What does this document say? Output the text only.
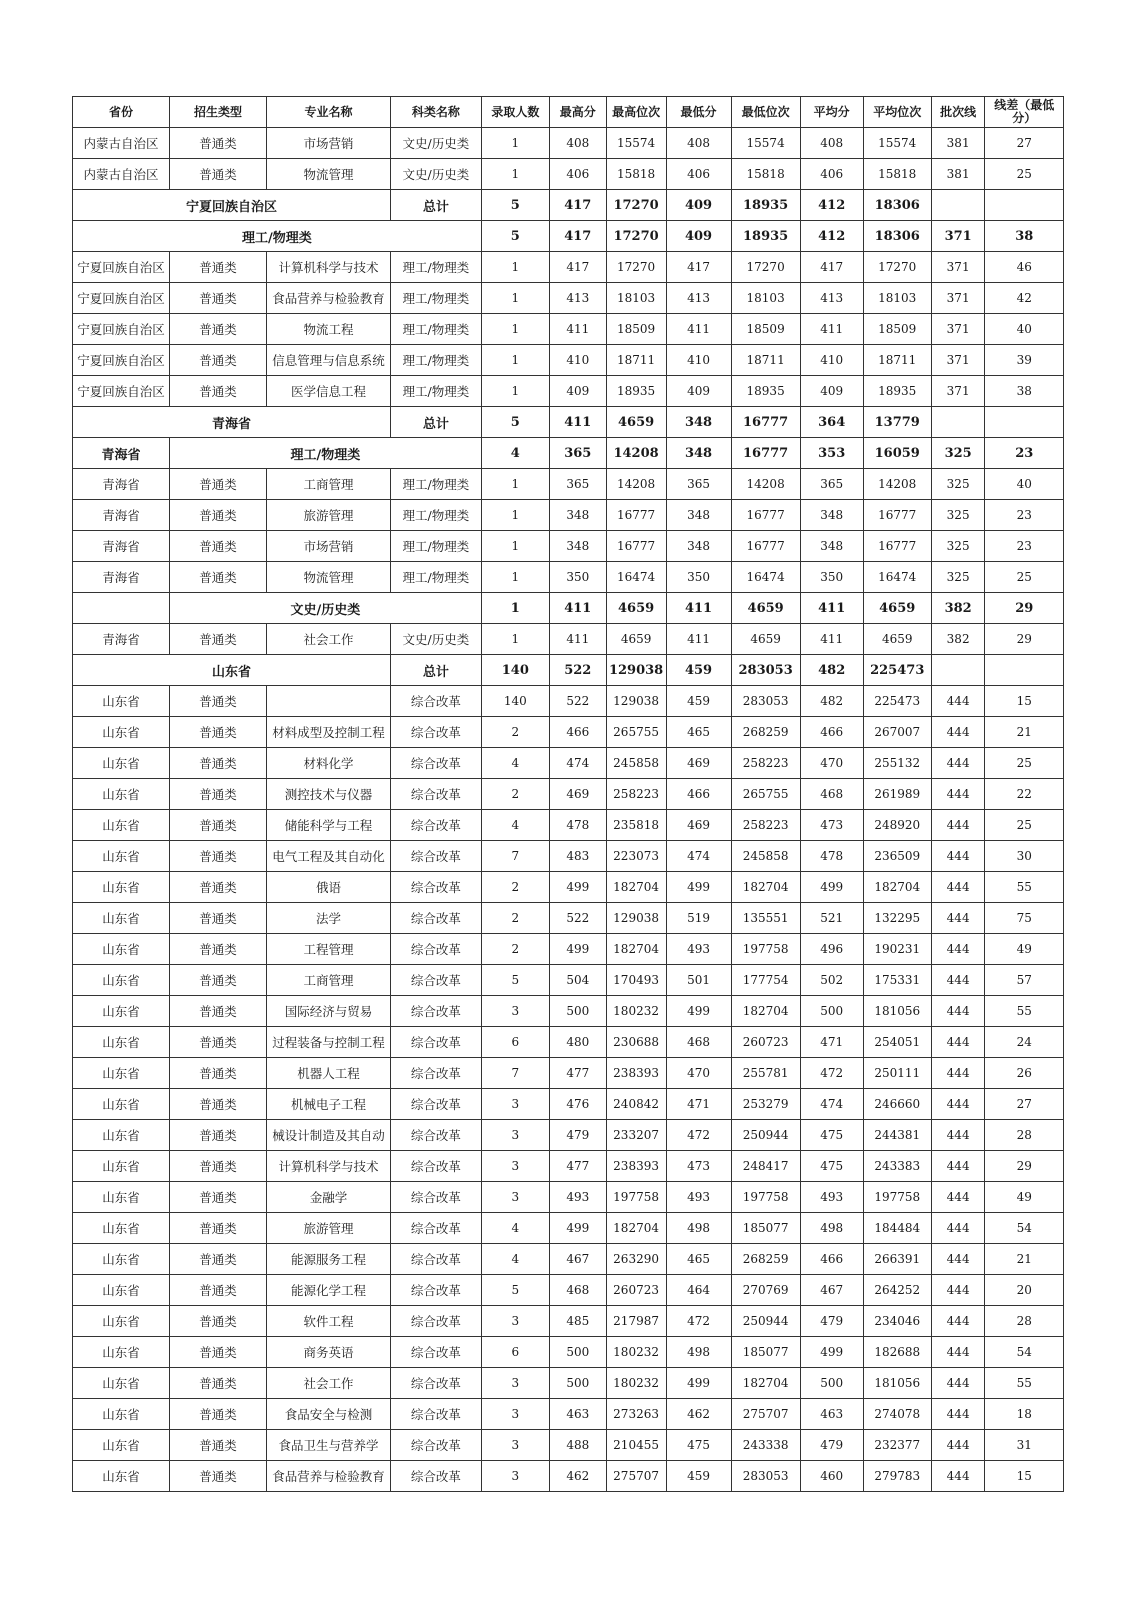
省份	招生类型	专业名称	科类名称	录取人数	最高分	最高位次	最低分	最低位次	平均分	平均位次	批次线	线差（最低分）
内蒙古自治区	普通类	市场营销	文史/历史类	1	408	15574	408	15574	408	15574	381	27
内蒙古自治区	普通类	物流管理	文史/历史类	1	406	15818	406	15818	406	15818	381	25
宁夏回族自治区			总计	5	417	17270	409	18935	412	18306		
理工/物理类				5	417	17270	409	18935	412	18306	371	38
宁夏回族自治区	普通类	计算机科学与技术	理工/物理类	1	417	17270	417	17270	417	17270	371	46
宁夏回族自治区	普通类	食品营养与检验教育	理工/物理类	1	413	18103	413	18103	413	18103	371	42
宁夏回族自治区	普通类	物流工程	理工/物理类	1	411	18509	411	18509	411	18509	371	40
宁夏回族自治区	普通类	信息管理与信息系统	理工/物理类	1	410	18711	410	18711	410	18711	371	39
宁夏回族自治区	普通类	医学信息工程	理工/物理类	1	409	18935	409	18935	409	18935	371	38
青海省			总计	5	411	4659	348	16777	364	13779		
青海省	理工/物理类			4	365	14208	348	16777	353	16059	325	23
青海省	普通类	工商管理	理工/物理类	1	365	14208	365	14208	365	14208	325	40
青海省	普通类	旅游管理	理工/物理类	1	348	16777	348	16777	348	16777	325	23
青海省	普通类	市场营销	理工/物理类	1	348	16777	348	16777	348	16777	325	23
青海省	普通类	物流管理	理工/物理类	1	350	16474	350	16474	350	16474	325	25
	文史/历史类			1	411	4659	411	4659	411	4659	382	29
青海省	普通类	社会工作	文史/历史类	1	411	4659	411	4659	411	4659	382	29
山东省			总计	140	522	129038	459	283053	482	225473		
山东省	普通类		综合改革	140	522	129038	459	283053	482	225473	444	15
山东省	普通类	材料成型及控制工程	综合改革	2	466	265755	465	268259	466	267007	444	21
山东省	普通类	材料化学	综合改革	4	474	245858	469	258223	470	255132	444	25
山东省	普通类	测控技术与仪器	综合改革	2	469	258223	466	265755	468	261989	444	22
山东省	普通类	储能科学与工程	综合改革	4	478	235818	469	258223	473	248920	444	25
山东省	普通类	电气工程及其自动化	综合改革	7	483	223073	474	245858	478	236509	444	30
山东省	普通类	俄语	综合改革	2	499	182704	499	182704	499	182704	444	55
山东省	普通类	法学	综合改革	2	522	129038	519	135551	521	132295	444	75
山东省	普通类	工程管理	综合改革	2	499	182704	493	197758	496	190231	444	49
山东省	普通类	工商管理	综合改革	5	504	170493	501	177754	502	175331	444	57
山东省	普通类	国际经济与贸易	综合改革	3	500	180232	499	182704	500	181056	444	55
山东省	普通类	过程装备与控制工程	综合改革	6	480	230688	468	260723	471	254051	444	24
山东省	普通类	机器人工程	综合改革	7	477	238393	470	255781	472	250111	444	26
山东省	普通类	机械电子工程	综合改革	3	476	240842	471	253279	474	246660	444	27
山东省	普通类	械设计制造及其自动	综合改革	3	479	233207	472	250944	475	244381	444	28
山东省	普通类	计算机科学与技术	综合改革	3	477	238393	473	248417	475	243383	444	29
山东省	普通类	金融学	综合改革	3	493	197758	493	197758	493	197758	444	49
山东省	普通类	旅游管理	综合改革	4	499	182704	498	185077	498	184484	444	54
山东省	普通类	能源服务工程	综合改革	4	467	263290	465	268259	466	266391	444	21
山东省	普通类	能源化学工程	综合改革	5	468	260723	464	270769	467	264252	444	20
山东省	普通类	软件工程	综合改革	3	485	217987	472	250944	479	234046	444	28
山东省	普通类	商务英语	综合改革	6	500	180232	498	185077	499	182688	444	54
山东省	普通类	社会工作	综合改革	3	500	180232	499	182704	500	181056	444	55
山东省	普通类	食品安全与检测	综合改革	3	463	273263	462	275707	463	274078	444	18
山东省	普通类	食品卫生与营养学	综合改革	3	488	210455	475	243338	479	232377	444	31
山东省	普通类	食品营养与检验教育	综合改革	3	462	275707	459	283053	460	279783	444	15
